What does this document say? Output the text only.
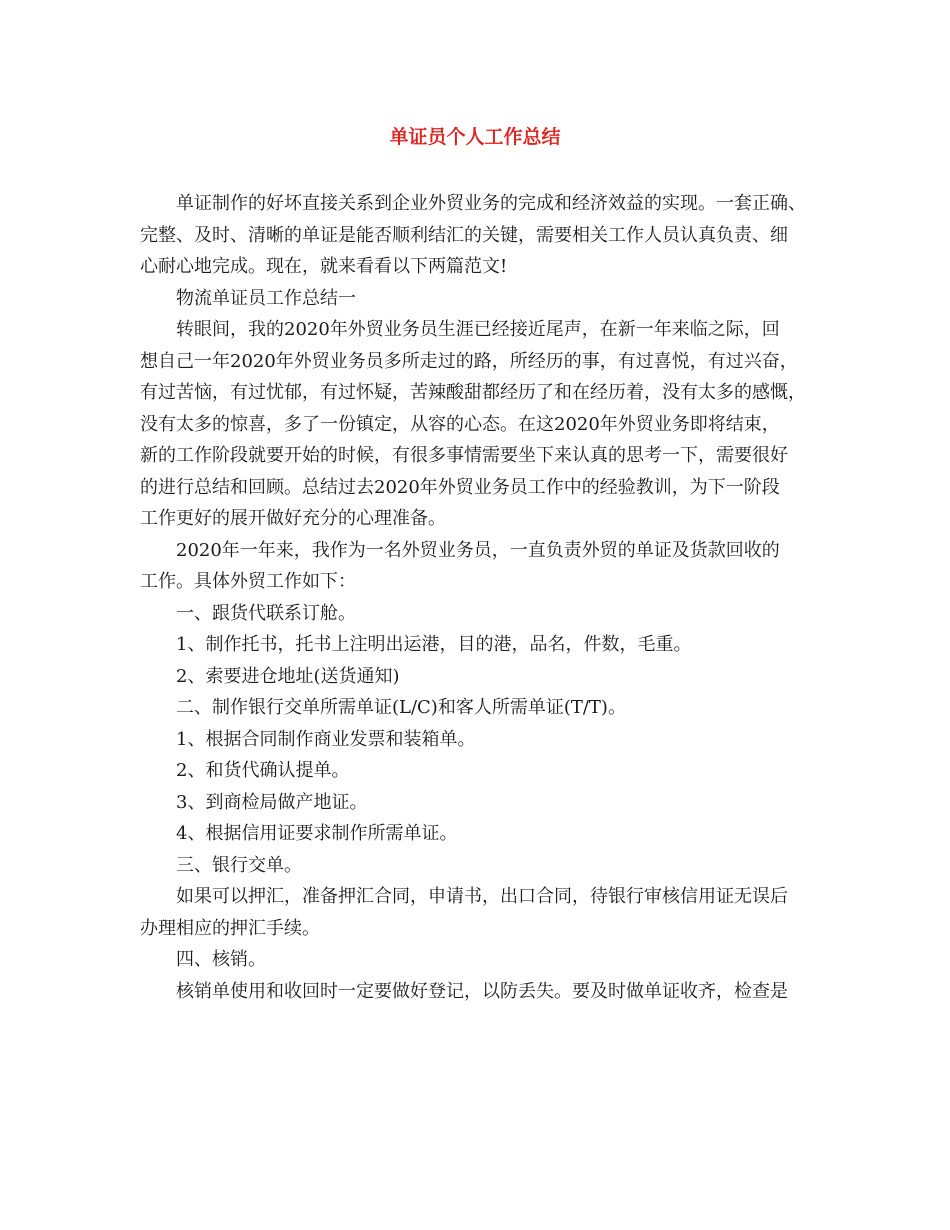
单证员个人工作总结

单证制作的好坏直接关系到企业外贸业务的完成和经济效益的实现。一套正确、
完整、及时、清晰的单证是能否顺利结汇的关键，需要相关工作人员认真负责、细
心耐心地完成。现在，就来看看以下两篇范文!

物流单证员工作总结一

转眼间，我的2020年外贸业务员生涯已经接近尾声，在新一年来临之际，回
想自己一年2020年外贸业务员多所走过的路，所经历的事，有过喜悦，有过兴奋，
有过苦恼，有过忧郁，有过怀疑，苦辣酸甜都经历了和在经历着，没有太多的感慨，
没有太多的惊喜，多了一份镇定，从容的心态。在这2020年外贸业务即将结束，
新的工作阶段就要开始的时候，有很多事情需要坐下来认真的思考一下，需要很好
的进行总结和回顾。总结过去2020年外贸业务员工作中的经验教训，为下一阶段
工作更好的展开做好充分的心理准备。

2020年一年来，我作为一名外贸业务员，一直负责外贸的单证及货款回收的
工作。具体外贸工作如下：

一、跟货代联系订舱。

1、制作托书，托书上注明出运港，目的港，品名，件数，毛重。

2、索要进仓地址(送货通知)

二、制作银行交单所需单证(L/C)和客人所需单证(T/T)。

1、根据合同制作商业发票和装箱单。

2、和货代确认提单。

3、到商检局做产地证。

4、根据信用证要求制作所需单证。

三、银行交单。

如果可以押汇，准备押汇合同，申请书，出口合同，待银行审核信用证无误后
办理相应的押汇手续。

四、核销。

核销单使用和收回时一定要做好登记，以防丢失。要及时做单证收齐，检查是
